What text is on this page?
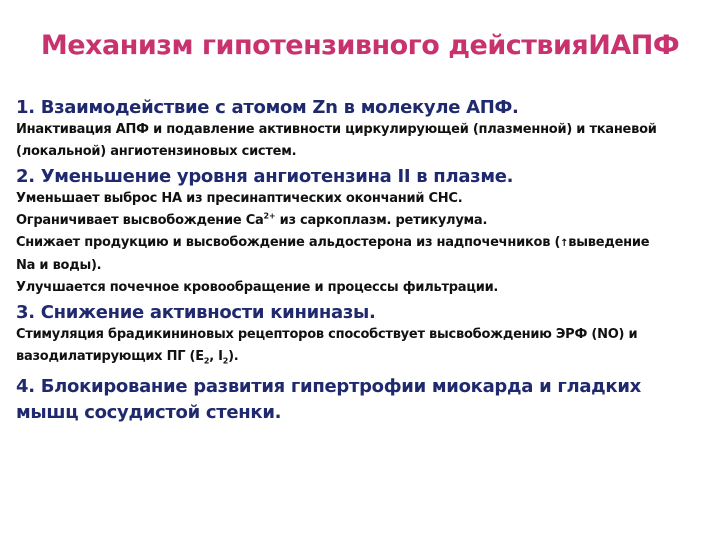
Механизм гипотензивного действияИАПФ
1. Взаимодействие с атомом Zn в молекуле АПФ.
Инактивация АПФ и подавление активности циркулирующей (плазменной) и тканевой
(локальной) ангиотензиновых систем.
2. Уменьшение уровня ангиотензина II в плазме.
Уменьшает выброс НА из пресинаптических окончаний СНС.
Ограничивает высвобождение $Са^{2+}$ из саркоплазм. ретикулума.
Снижает продукцию и высвобождение альдостерона из надпочечников (↑выведение
Na и воды).
Улучшается почечное кровообращение и процессы фильтрации.
3. Снижение активности кининазы.
Стимуляция брадикининовых рецепторов способствует высвобождению ЭРФ (NO) и
вазодилатирующих ПГ ($Е_2$, $I_2$).
4. Блокирование развития гипертрофии миокарда и гладких
мышц сосудистой стенки.
